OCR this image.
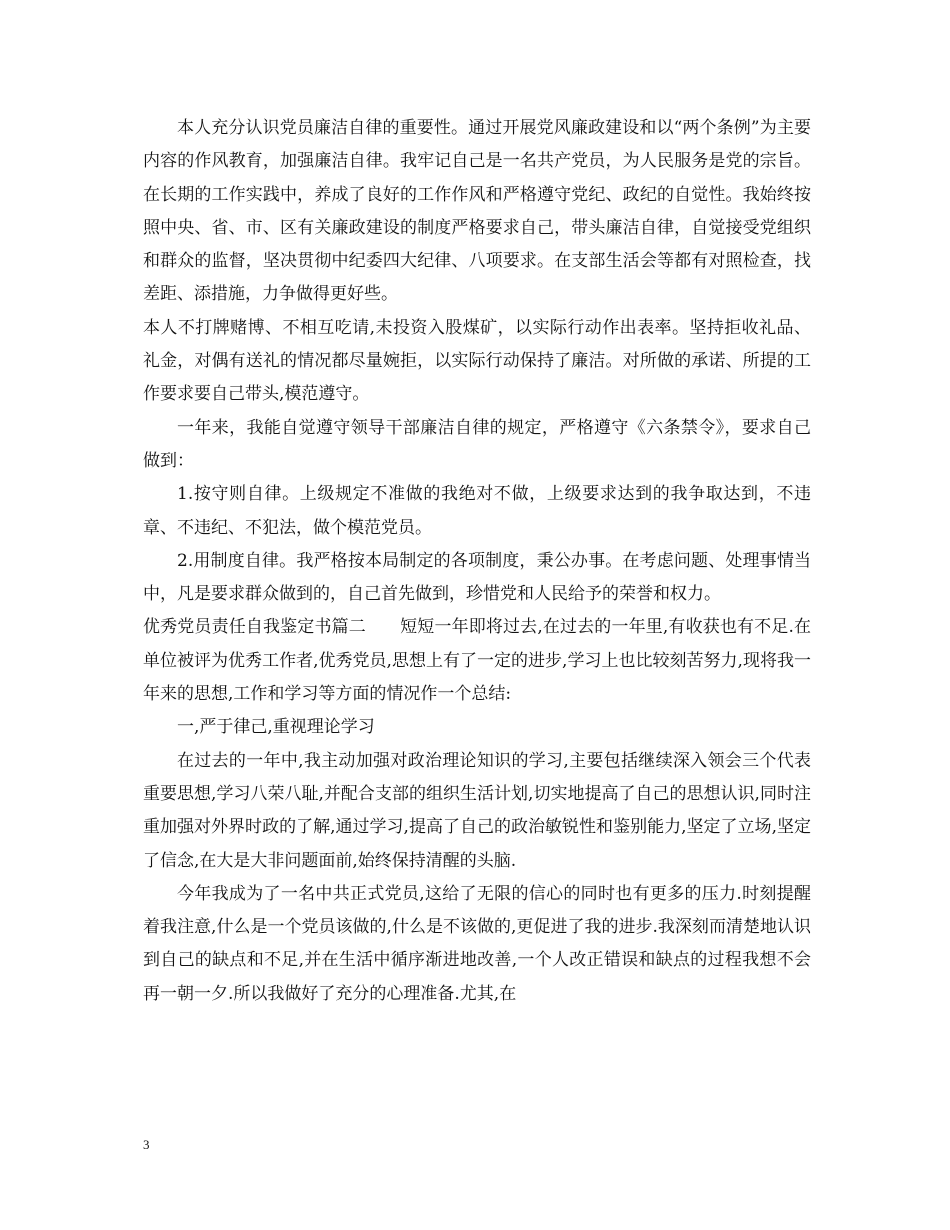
本人充分认识党员廉洁自律的重要性。通过开展党风廉政建设和以“两个条例”为主要内容的作风教育，加强廉洁自律。我牢记自己是一名共产党员，为人民服务是党的宗旨。在长期的工作实践中，养成了良好的工作作风和严格遵守党纪、政纪的自觉性。我始终按照中央、省、市、区有关廉政建设的制度严格要求自己，带头廉洁自律，自觉接受党组织和群众的监督，坚决贯彻中纪委四大纪律、八项要求。在支部生活会等都有对照检查，找差距、添措施，力争做得更好些。

本人不打牌赌博、不相互吃请,未投资入股煤矿，以实际行动作出表率。坚持拒收礼品、礼金，对偶有送礼的情况都尽量婉拒，以实际行动保持了廉洁。对所做的承诺、所提的工作要求要自己带头,模范遵守。

一年来，我能自觉遵守领导干部廉洁自律的规定，严格遵守《六条禁令》，要求自己做到：

1.按守则自律。上级规定不准做的我绝对不做，上级要求达到的我争取达到，不违章、不违纪、不犯法，做个模范党员。

2.用制度自律。我严格按本局制定的各项制度，秉公办事。在考虑问题、处理事情当中，凡是要求群众做到的，自己首先做到，珍惜党和人民给予的荣誉和权力。

优秀党员责任自我鉴定书篇二　　短短一年即将过去,在过去的一年里,有收获也有不足.在单位被评为优秀工作者,优秀党员,思想上有了一定的进步,学习上也比较刻苦努力,现将我一年来的思想,工作和学习等方面的情况作一个总结:

一,严于律己,重视理论学习

在过去的一年中,我主动加强对政治理论知识的学习,主要包括继续深入领会三个代表重要思想,学习八荣八耻,并配合支部的组织生活计划,切实地提高了自己的思想认识,同时注重加强对外界时政的了解,通过学习,提高了自己的政治敏锐性和鉴别能力,坚定了立场,坚定了信念,在大是大非问题面前,始终保持清醒的头脑.

今年我成为了一名中共正式党员,这给了无限的信心的同时也有更多的压力.时刻提醒着我注意,什么是一个党员该做的,什么是不该做的,更促进了我的进步.我深刻而清楚地认识到自己的缺点和不足,并在生活中循序渐进地改善,一个人改正错误和缺点的过程我想不会再一朝一夕.所以我做好了充分的心理准备.尤其,在

3
